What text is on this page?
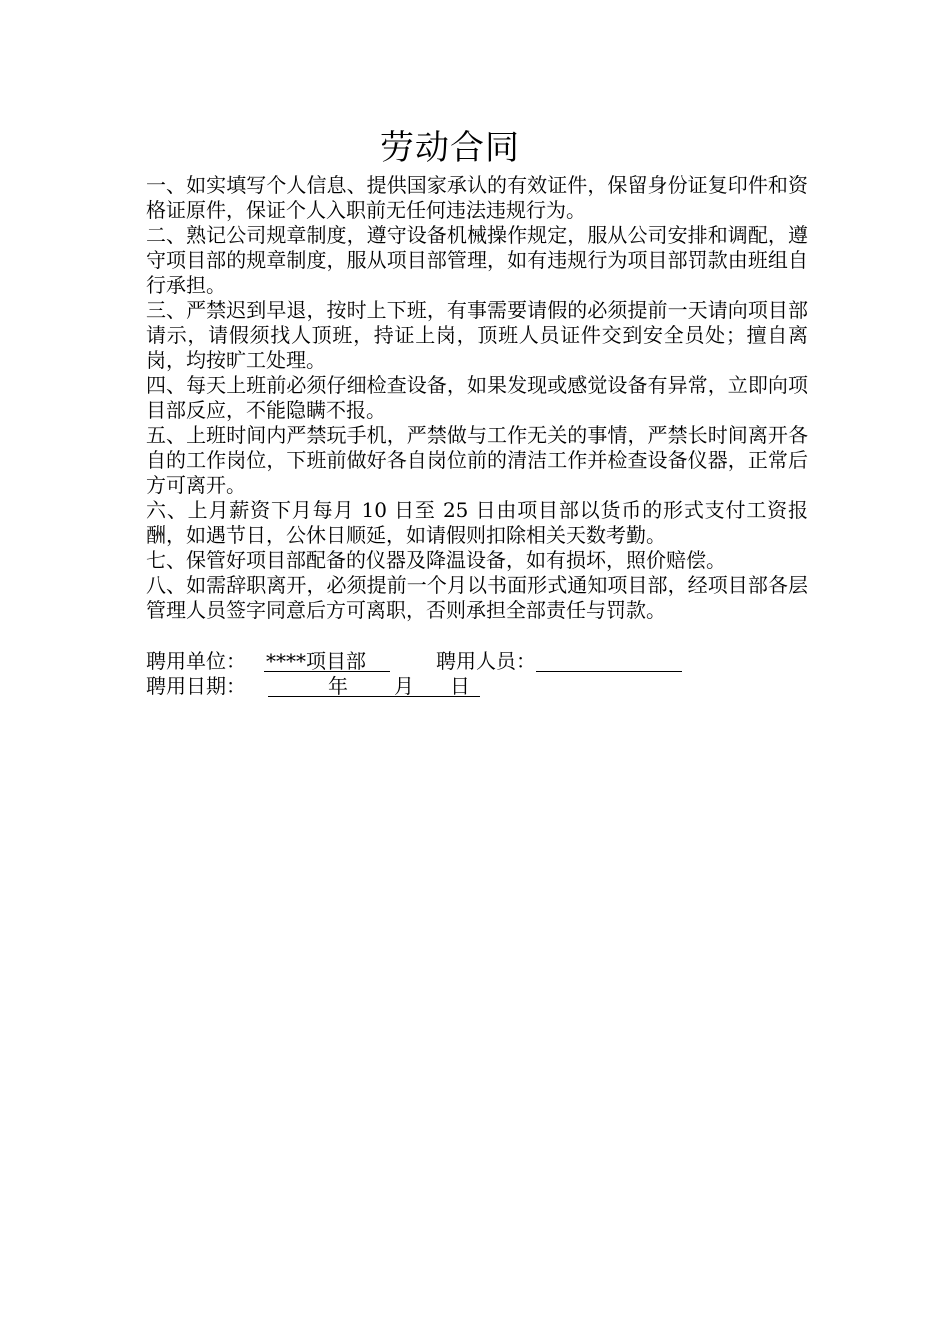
劳动合同

一、如实填写个人信息、提供国家承认的有效证件，保留身份证复印件和资格证原件，保证个人入职前无任何违法违规行为。

二、熟记公司规章制度，遵守设备机械操作规定，服从公司安排和调配，遵守项目部的规章制度，服从项目部管理，如有违规行为项目部罚款由班组自行承担。

三、严禁迟到早退，按时上下班，有事需要请假的必须提前一天请向项目部请示，请假须找人顶班，持证上岗，顶班人员证件交到安全员处；擅自离岗，均按旷工处理。

四、每天上班前必须仔细检查设备，如果发现或感觉设备有异常，立即向项目部反应，不能隐瞒不报。

五、上班时间内严禁玩手机，严禁做与工作无关的事情，严禁长时间离开各自的工作岗位，下班前做好各自岗位前的清洁工作并检查设备仪器，正常后方可离开。

六、上月薪资下月每月 10 日至 25 日由项目部以货币的形式支付工资报酬，如遇节日，公休日顺延，如请假则扣除相关天数考勤。

七、保管好项目部配备的仪器及降温设备，如有损坏，照价赔偿。

八、如需辞职离开，必须提前一个月以书面形式通知项目部，经项目部各层管理人员签字同意后方可离职，否则承担全部责任与罚款。

聘用单位： ****项目部	聘用人员：
聘用日期：	年 月 日
